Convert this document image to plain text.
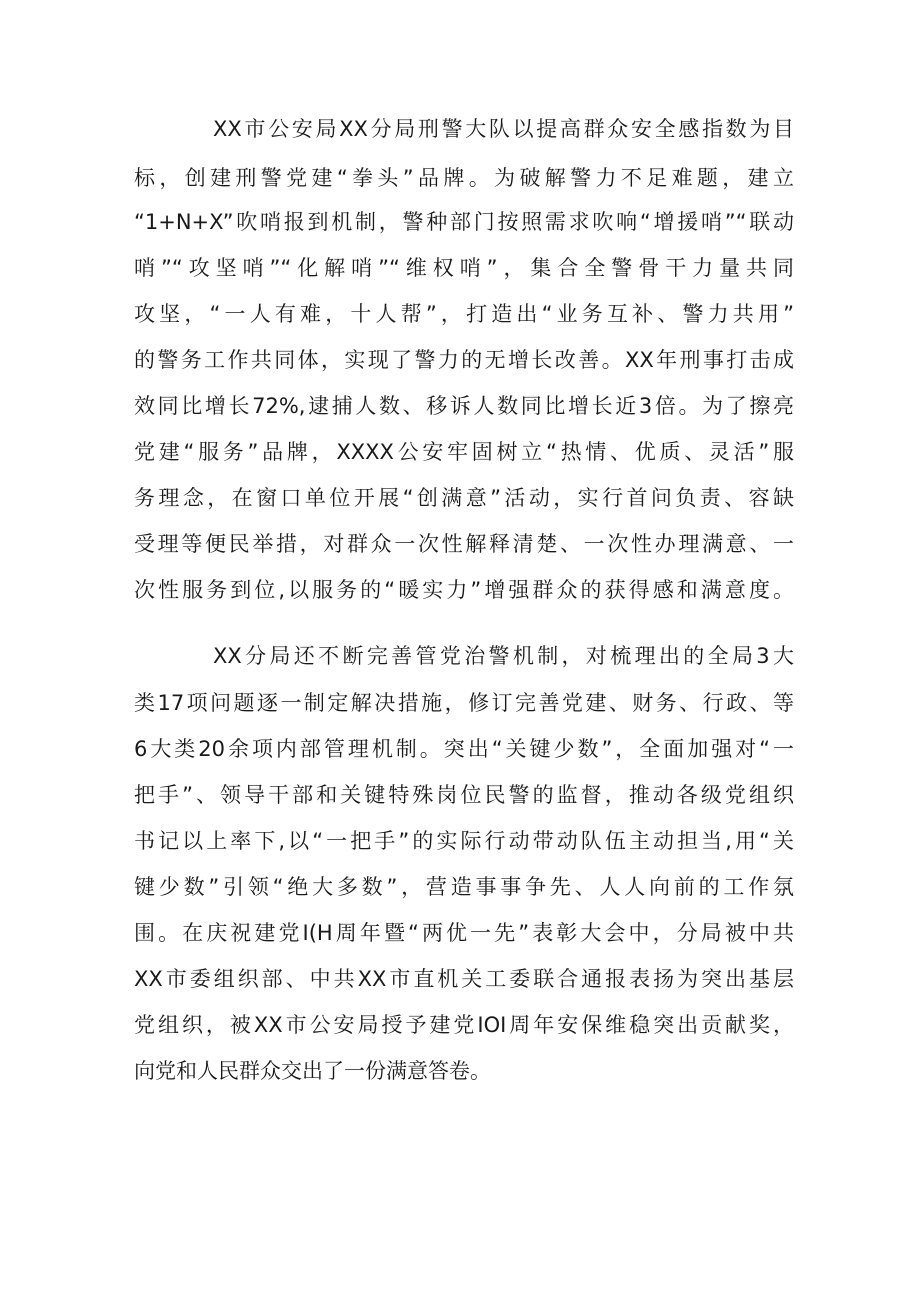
XX市公安局XX分局刑警大队以提高群众安全感指数为目
标，创建刑警党建“拳头”品牌。为破解警力不足难题，建立
“1+N+X”吹哨报到机制，警种部门按照需求吹响“增援哨”“联动
哨”“攻坚哨”“化解哨”“维权哨”，集合全警骨干力量共同
攻坚，“一人有难，十人帮”，打造出“业务互补、警力共用”
的警务工作共同体，实现了警力的无增长改善。XX年刑事打击成
效同比增长72%,逮捕人数、移诉人数同比增长近3倍。为了擦亮
党建“服务”品牌，XXXX公安牢固树立“热情、优质、灵活”服
务理念，在窗口单位开展“创满意”活动，实行首问负责、容缺
受理等便民举措，对群众一次性解释清楚、一次性办理满意、一
次性服务到位,以服务的“暖实力”增强群众的获得感和满意度。
XX分局还不断完善管党治警机制，对梳理出的全局3大
类17项问题逐一制定解决措施，修订完善党建、财务、行政、等
6大类20余项内部管理机制。突出“关键少数”，全面加强对“一
把手”、领导干部和关键特殊岗位民警的监督，推动各级党组织
书记以上率下,以“一把手”的实际行动带动队伍主动担当,用“关
键少数”引领“绝大多数”，营造事事争先、人人向前的工作氛
围。在庆祝建党I(H周年暨“两优一先”表彰大会中，分局被中共
XX市委组织部、中共XX市直机关工委联合通报表扬为突出基层
党组织，被XX市公安局授予建党IOI周年安保维稳突出贡献奖，
向党和人民群众交出了一份满意答卷。
